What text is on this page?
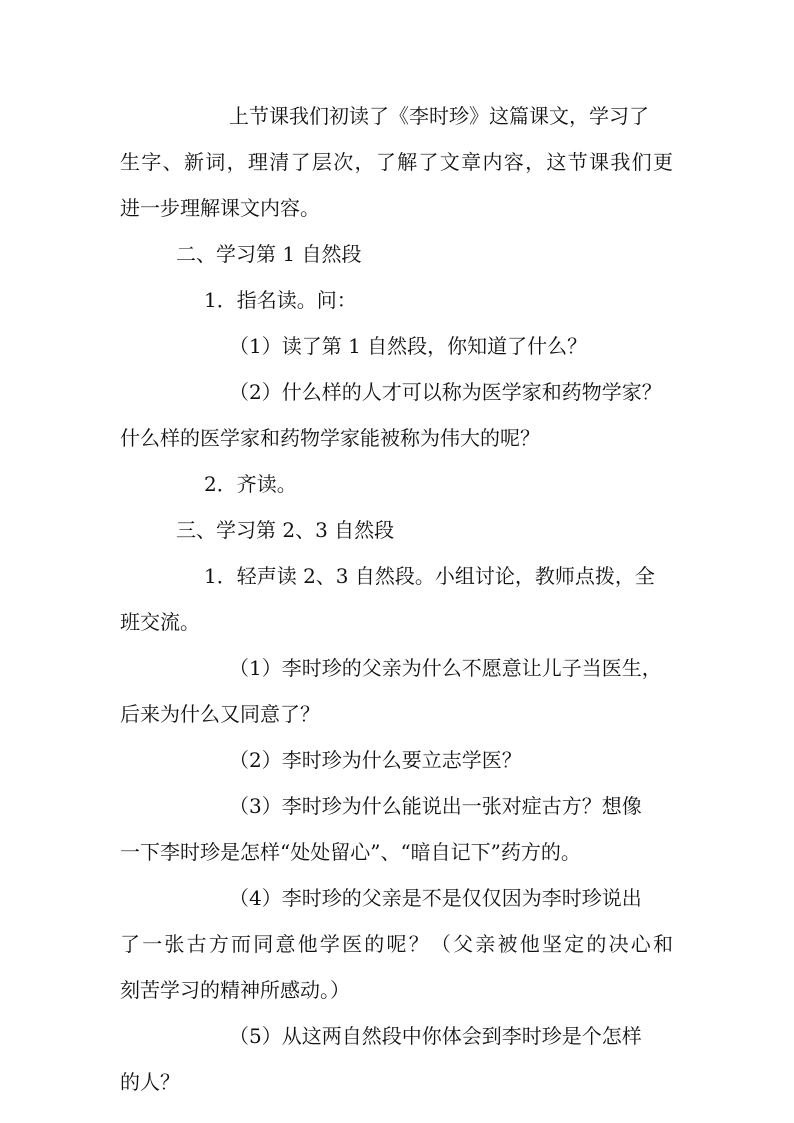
上节课我们初读了《李时珍》这篇课文，学习了
生字、新词，理清了层次，了解了文章内容，这节课我们更
进一步理解课文内容。
二、学习第 1 自然段
1．指名读。问：
（1）读了第 1 自然段，你知道了什么？
（2）什么样的人才可以称为医学家和药物学家？
什么样的医学家和药物学家能被称为伟大的呢？
2．齐读。
三、学习第 2、3 自然段
1．轻声读 2、3 自然段。小组讨论，教师点拨，全
班交流。
（1）李时珍的父亲为什么不愿意让儿子当医生，
后来为什么又同意了？
（2）李时珍为什么要立志学医？
（3）李时珍为什么能说出一张对症古方？想像
一下李时珍是怎样“处处留心”、“暗自记下”药方的。
（4）李时珍的父亲是不是仅仅因为李时珍说出
了一张古方而同意他学医的呢？（父亲被他坚定的决心和
刻苦学习的精神所感动。）
（5）从这两自然段中你体会到李时珍是个怎样
的人？
